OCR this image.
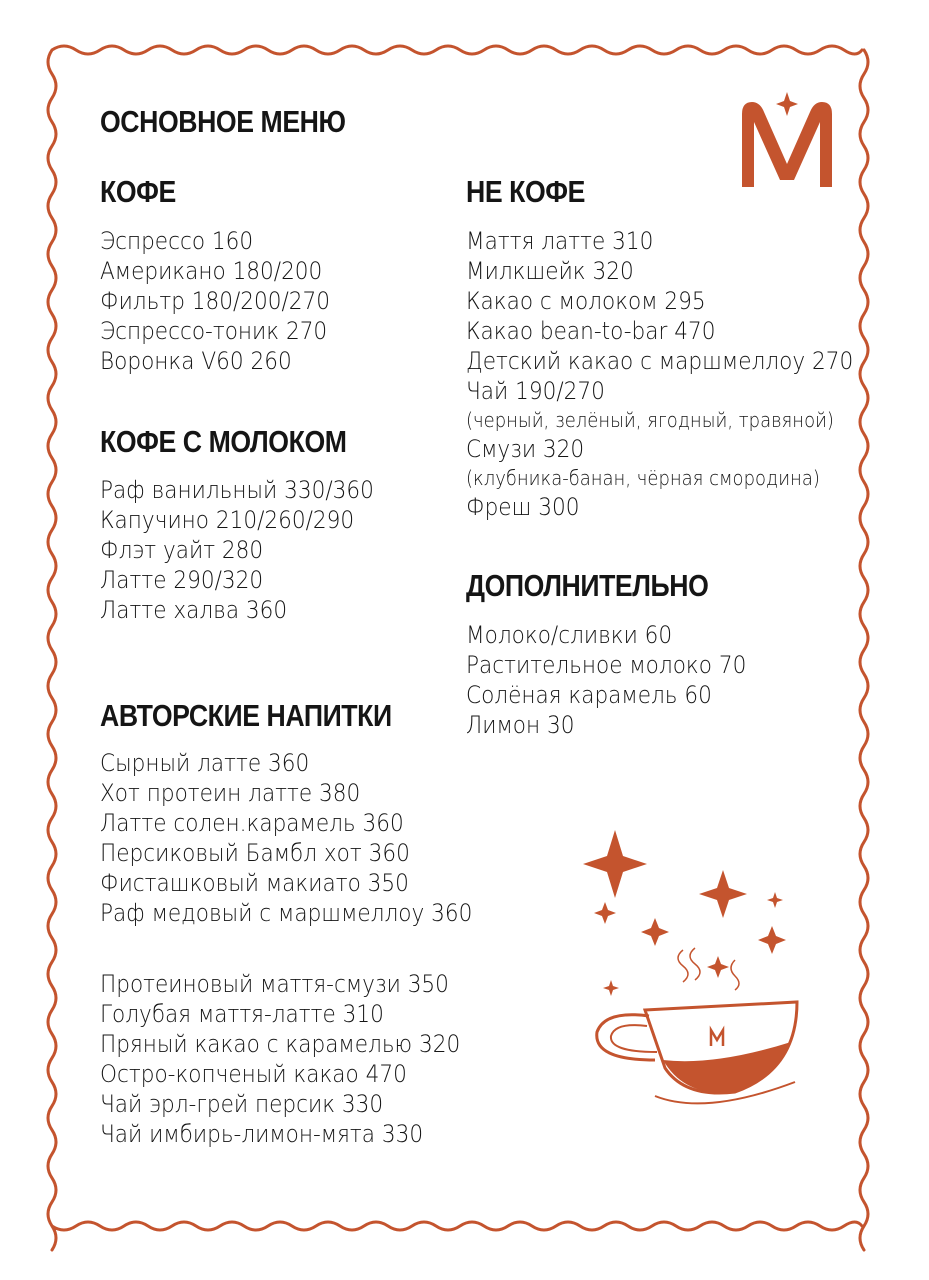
ОСНОВНОЕ МЕНЮ
КОФЕ
Эспрессо 160
Американо 180/200
Фильтр 180/200/270
Эспрессо-тоник 270
Воронка V60 260
КОФЕ С МОЛОКОМ
Раф ванильный 330/360
Капучино 210/260/290
Флэт уайт 280
Латте 290/320
Латте халва 360
АВТОРСКИЕ НАПИТКИ
Сырный латте 360
Хот протеин латте 380
Латте солен.карамель 360
Персиковый Бамбл хот 360
Фисташковый макиато 350
Раф медовый с маршмеллоу 360
Протеиновый маття-смузи 350
Голубая маття-латте 310
Пряный какао с карамелью 320
Остро-копченый какао 470
Чай эрл-грей персик 330
Чай имбирь-лимон-мята 330
НЕ КОФЕ
Маття латте 310
Милкшейк 320
Какао с молоком 295
Какао bean-to-bar 470
Детский какао с маршмеллоу 270
Чай 190/270
(черный, зелёный, ягодный, травяной)
Смузи 320
(клубника-банан, чёрная смородина)
Фреш 300
ДОПОЛНИТЕЛЬНО
Молоко/сливки 60
Растительное молоко 70
Солёная карамель 60
Лимон 30
